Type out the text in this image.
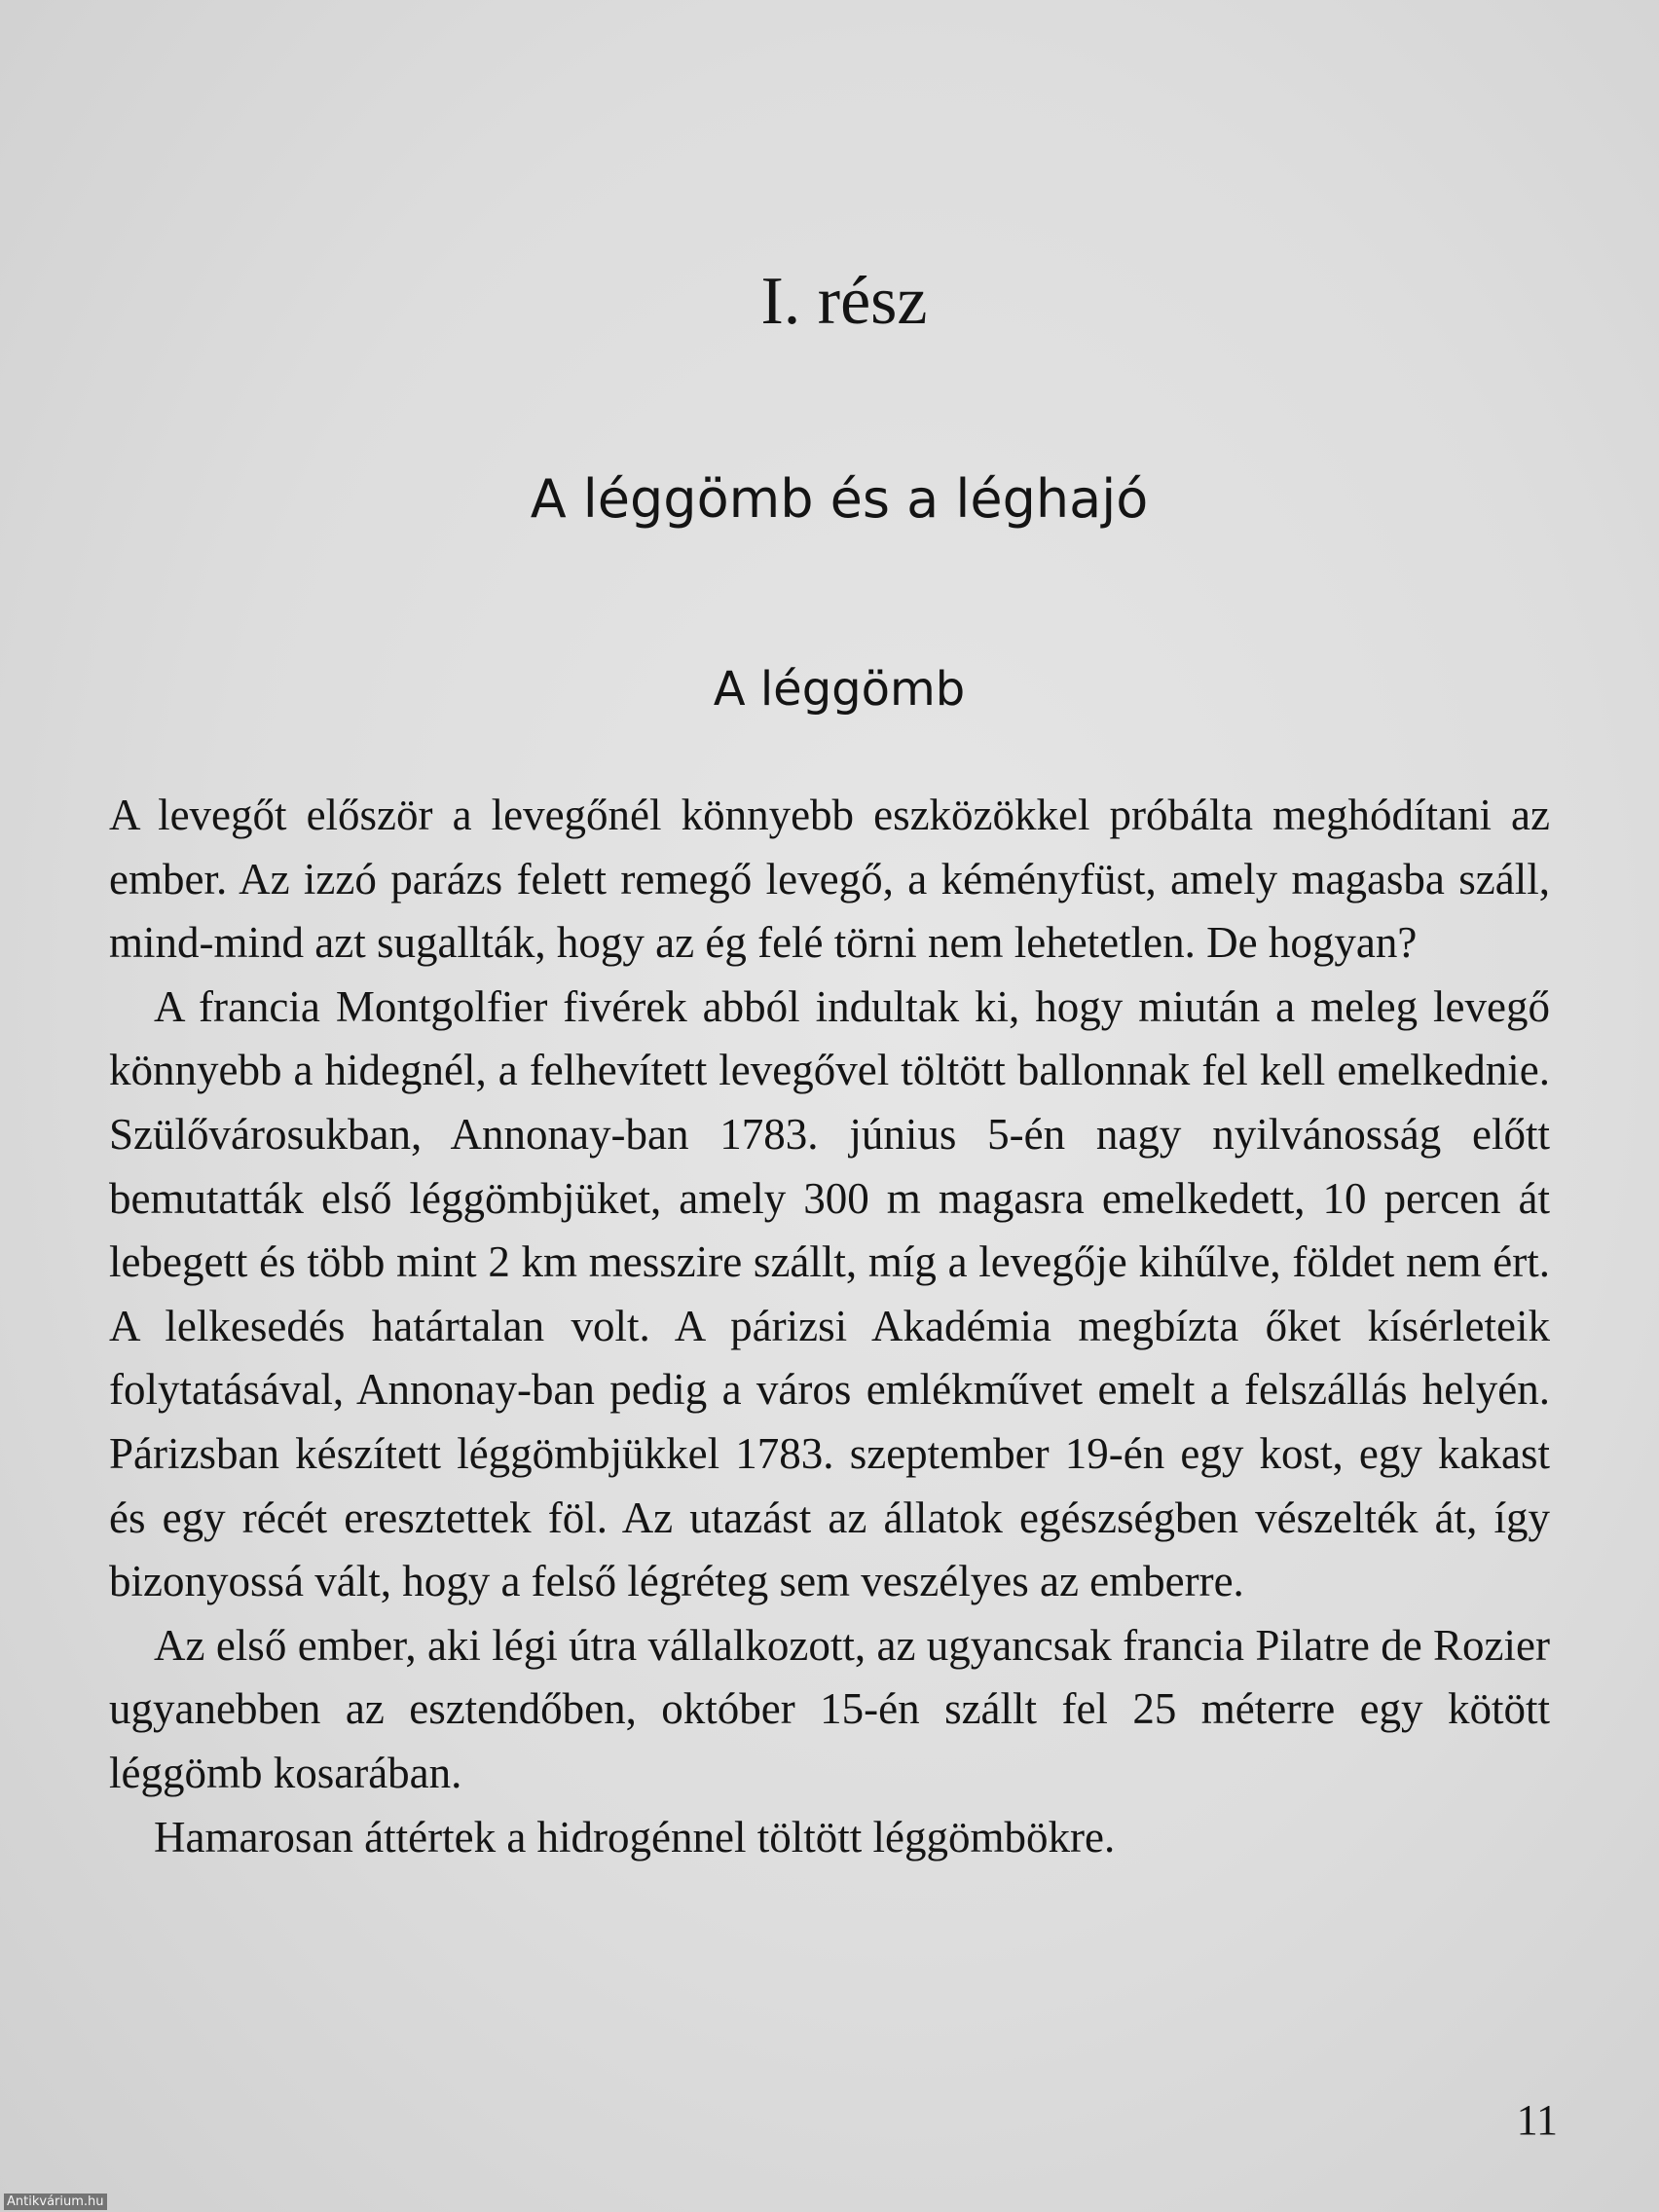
I. rész
A léggömb és a léghajó
A léggömb

A levegőt először a levegőnél könnyebb eszközökkel próbálta meghódítani az ember. Az izzó parázs felett remegő levegő, a kéményfüst, amely magasba száll, mind-mind azt sugallták, hogy az ég felé törni nem lehetetlen. De hogyan?

A francia Montgolfier fivérek abból indultak ki, hogy miután a meleg levegő könnyebb a hidegnél, a felhevített levegővel töltött ballonnak fel kell emelkednie. Szülővárosukban, Annonay-ban 1783. június 5-én nagy nyilvánosság előtt bemutatták első léggömbjüket, amely 300 m magasra emelkedett, 10 percen át lebegett és több mint 2 km messzire szállt, míg a levegője kihűlve, földet nem ért. A lelkesedés határtalan volt. A párizsi Akadémia megbízta őket kísérleteik folytatásával, Annonay-ban pedig a város emlékművet emelt a felszállás helyén. Párizsban készített léggömbjükkel 1783. szeptember 19-én egy kost, egy kakast és egy récét eresztettek föl. Az utazást az állatok egészségben vészelték át, így bizonyossá vált, hogy a felső légréteg sem veszélyes az emberre.

Az első ember, aki légi útra vállalkozott, az ugyancsak francia Pilatre de Rozier ugyanebben az esztendőben, október 15-én szállt fel 25 méterre egy kötött léggömb kosarában.

Hamarosan áttértek a hidrogénnel töltött léggömbökre.

11
Antikvárium.hu
